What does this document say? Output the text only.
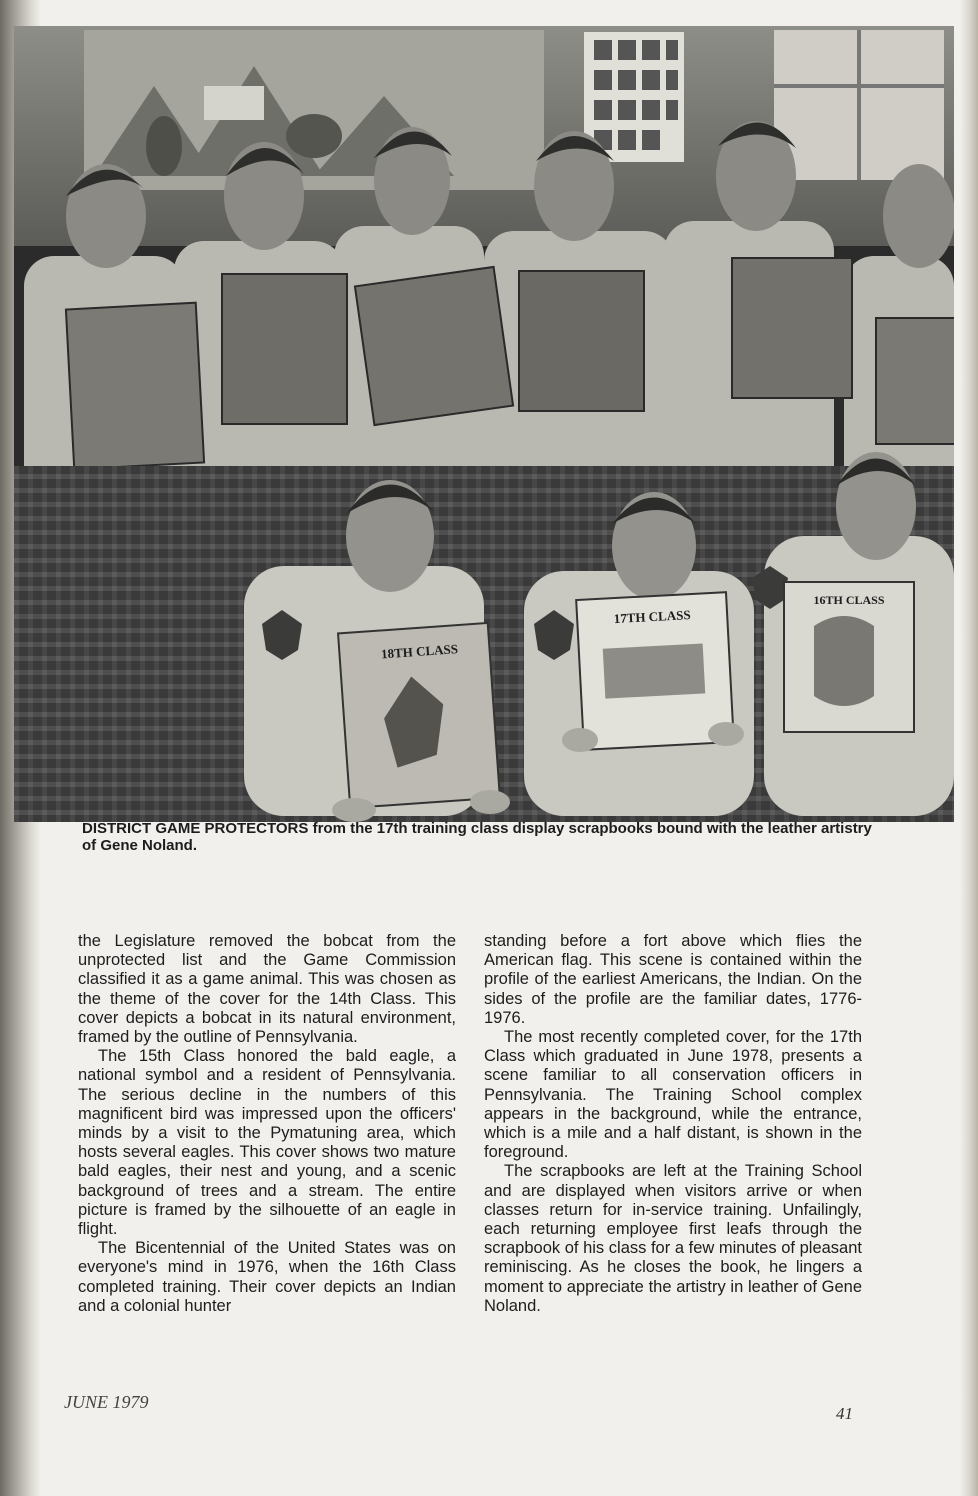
18TH CLASS
17TH CLASS
16TH CLASS
DISTRICT GAME PROTECTORS from the 17th training class display scrapbooks bound with the leather artistry of Gene Noland.

the Legislature removed the bobcat from the unprotected list and the Game Commission classified it as a game animal. This was chosen as the theme of the cover for the 14th Class. This cover depicts a bobcat in its natural environment, framed by the outline of Pennsylvania.

The 15th Class honored the bald eagle, a national symbol and a resident of Pennsylvania. The serious decline in the numbers of this magnificent bird was impressed upon the officers' minds by a visit to the Pymatuning area, which hosts several eagles. This cover shows two mature bald eagles, their nest and young, and a scenic background of trees and a stream. The entire picture is framed by the silhouette of an eagle in flight.

The Bicentennial of the United States was on everyone's mind in 1976, when the 16th Class completed training. Their cover depicts an Indian and a colonial hunter

standing before a fort above which flies the American flag. This scene is contained within the profile of the earliest Americans, the Indian. On the sides of the profile are the familiar dates, 1776-1976.

The most recently completed cover, for the 17th Class which graduated in June 1978, presents a scene familiar to all conservation officers in Pennsylvania. The Training School complex appears in the background, while the entrance, which is a mile and a half distant, is shown in the foreground.

The scrapbooks are left at the Training School and are displayed when visitors arrive or when classes return for in-service training. Unfailingly, each returning employee first leafs through the scrapbook of his class for a few minutes of pleasant reminiscing. As he closes the book, he lingers a moment to appreciate the artistry in leather of Gene Noland.

JUNE 1979
41
